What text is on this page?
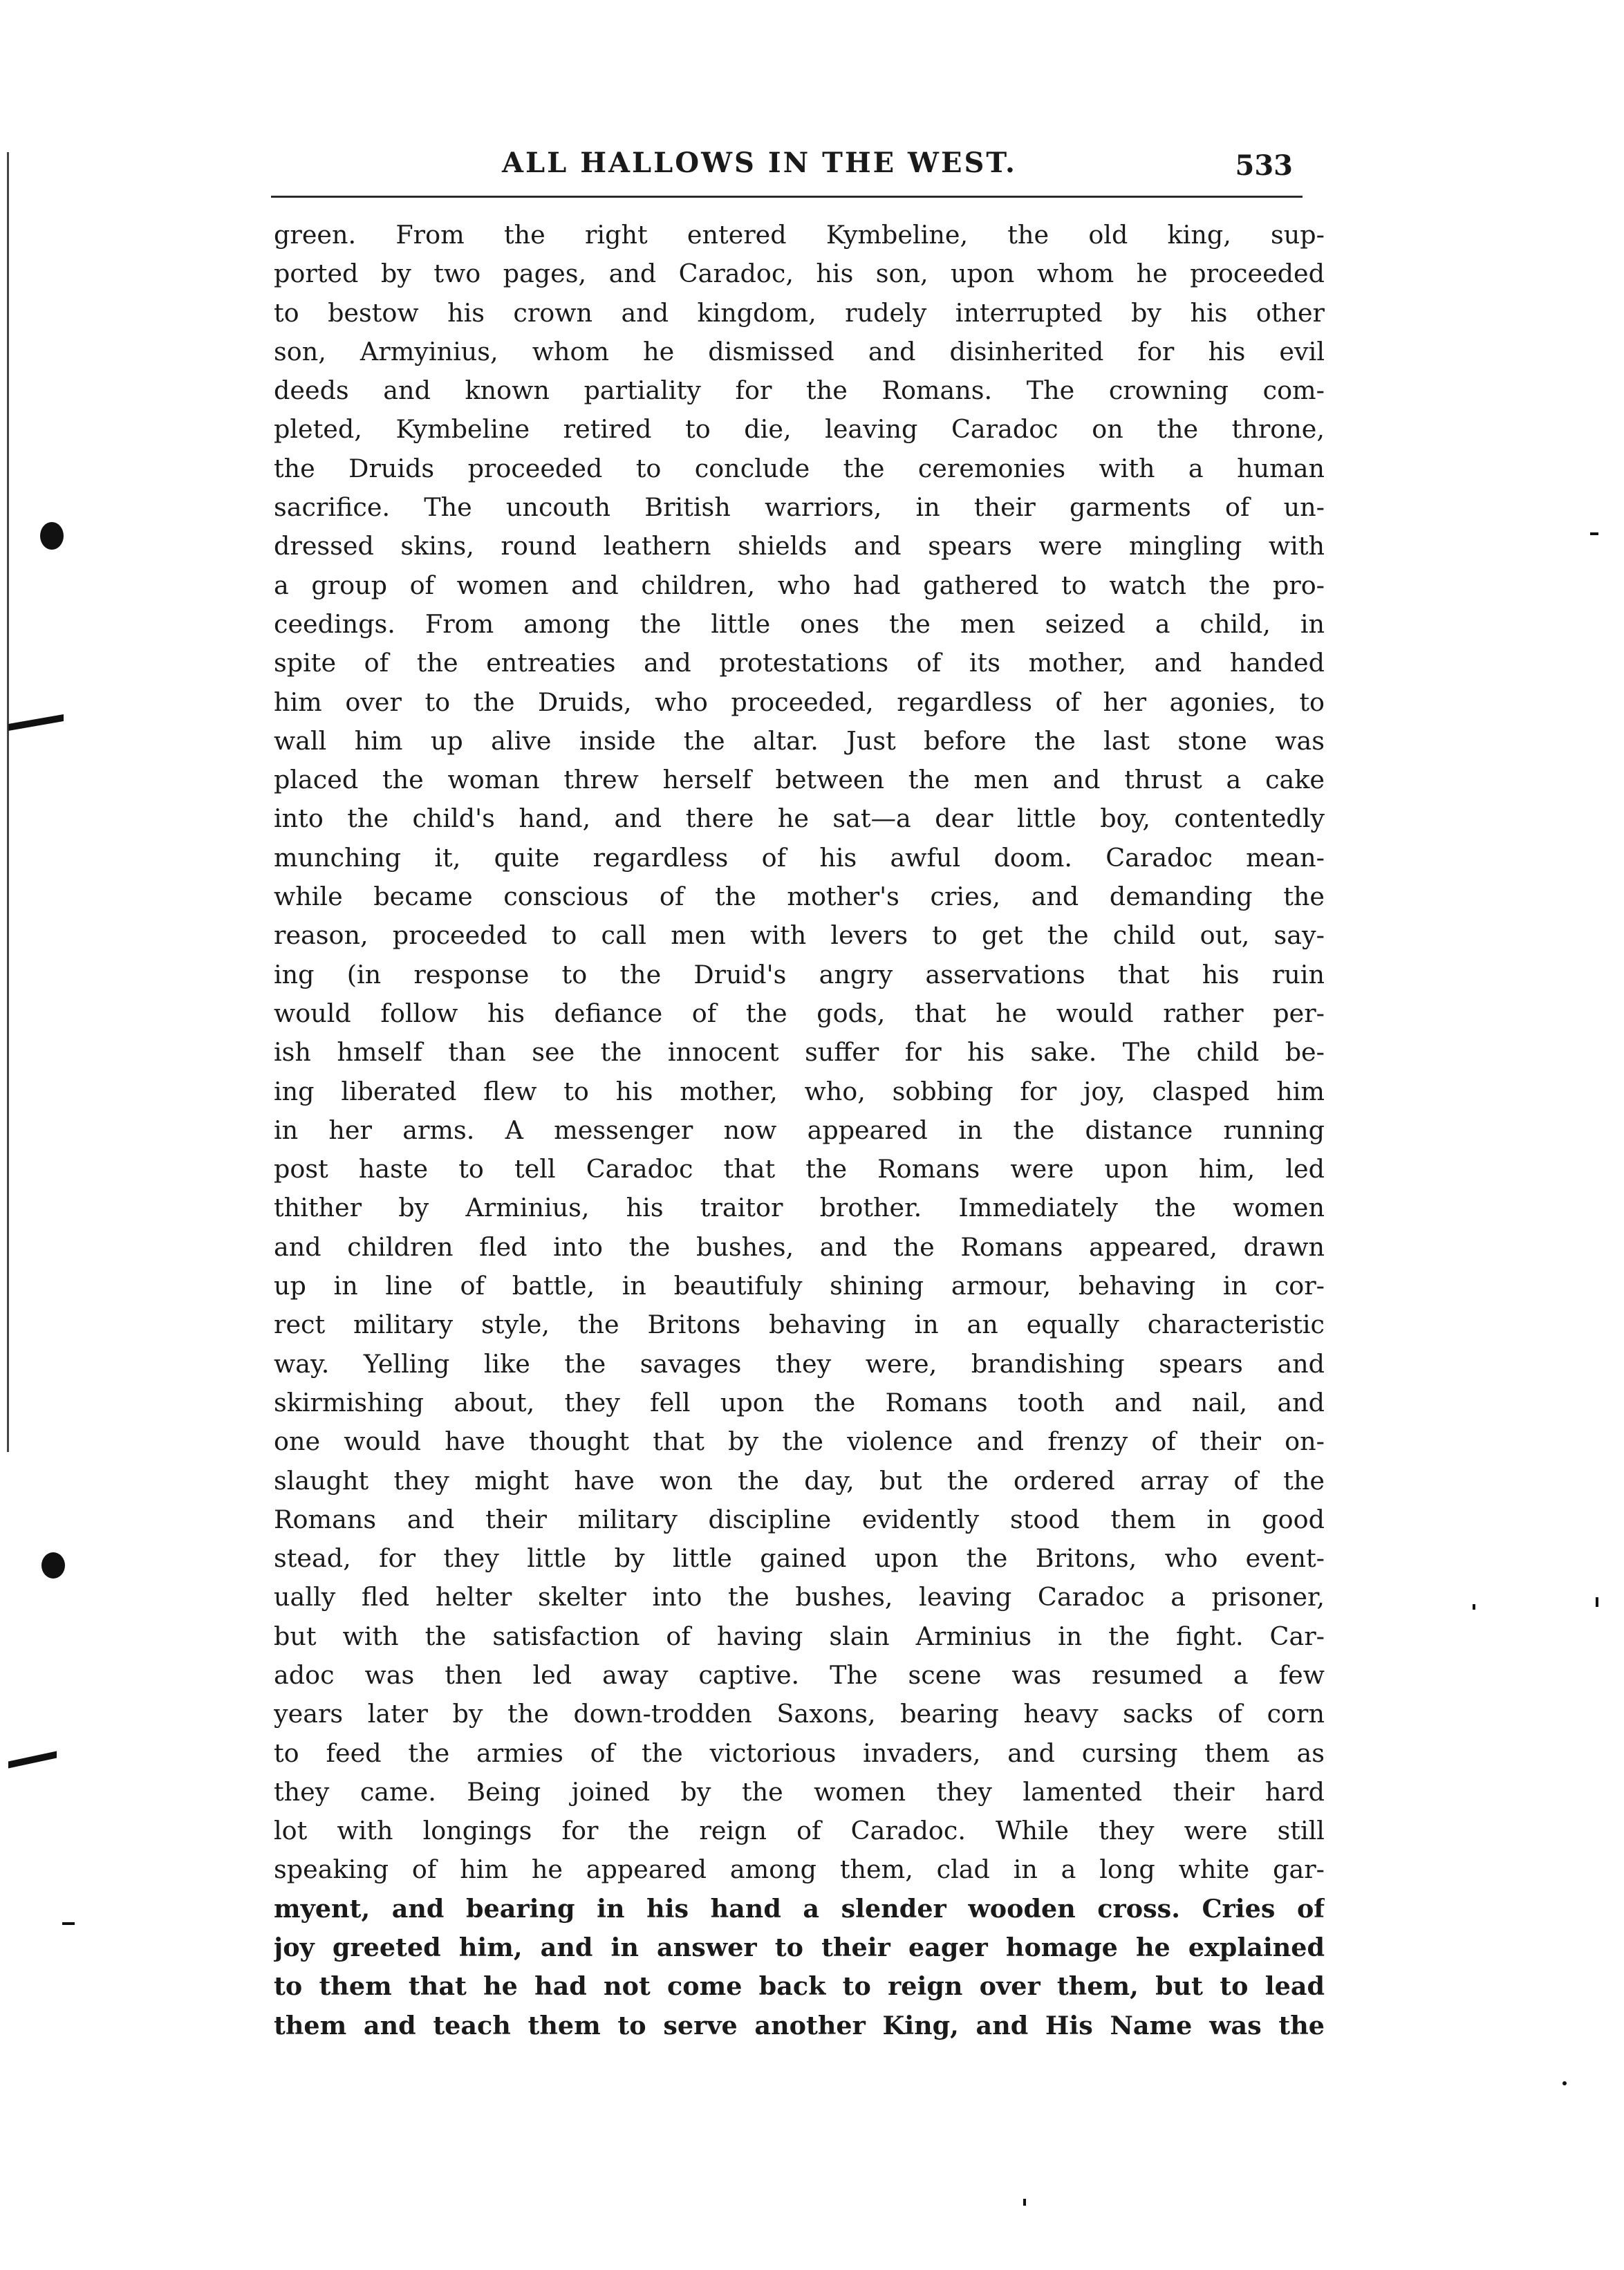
ALL HALLOWS IN THE WEST.	533
green. From the right entered Kymbeline, the old king, sup-
ported by two pages, and Caradoc, his son, upon whom he proceeded
to bestow his crown and kingdom, rudely interrupted by his other
son, Armyinius, whom he dismissed and disinherited for his evil
deeds and known partiality for the Romans. The crowning com-
pleted, Kymbeline retired to die, leaving Caradoc on the throne,
the Druids proceeded to conclude the ceremonies with a human
sacrifice. The uncouth British warriors, in their garments of un-
dressed skins, round leathern shields and spears were mingling with
a group of women and children, who had gathered to watch the pro-
ceedings. From among the little ones the men seized a child, in
spite of the entreaties and protestations of its mother, and handed
him over to the Druids, who proceeded, regardless of her agonies, to
wall him up alive inside the altar. Just before the last stone was
placed the woman threw herself between the men and thrust a cake
into the child's hand, and there he sat—a dear little boy, contentedly
munching it, quite regardless of his awful doom. Caradoc mean-
while became conscious of the mother's cries, and demanding the
reason, proceeded to call men with levers to get the child out, say-
ing (in response to the Druid's angry asservations that his ruin
would follow his defiance of the gods, that he would rather per-
ish hmself than see the innocent suffer for his sake. The child be-
ing liberated flew to his mother, who, sobbing for joy, clasped him
in her arms. A messenger now appeared in the distance running
post haste to tell Caradoc that the Romans were upon him, led
thither by Arminius, his traitor brother. Immediately the women
and children fled into the bushes, and the Romans appeared, drawn
up in line of battle, in beautifuly shining armour, behaving in cor-
rect military style, the Britons behaving in an equally characteristic
way. Yelling like the savages they were, brandishing spears and
skirmishing about, they fell upon the Romans tooth and nail, and
one would have thought that by the violence and frenzy of their on-
slaught they might have won the day, but the ordered array of the
Romans and their military discipline evidently stood them in good
stead, for they little by little gained upon the Britons, who event-
ually fled helter skelter into the bushes, leaving Caradoc a prisoner,
but with the satisfaction of having slain Arminius in the fight. Car-
adoc was then led away captive. The scene was resumed a few
years later by the down-trodden Saxons, bearing heavy sacks of corn
to feed the armies of the victorious invaders, and cursing them as
they came. Being joined by the women they lamented their hard
lot with longings for the reign of Caradoc. While they were still
speaking of him he appeared among them, clad in a long white gar-
myent, and bearing in his hand a slender wooden cross. Cries of
joy greeted him, and in answer to their eager homage he explained
to them that he had not come back to reign over them, but to lead
them and teach them to serve another King, and His Name was the
